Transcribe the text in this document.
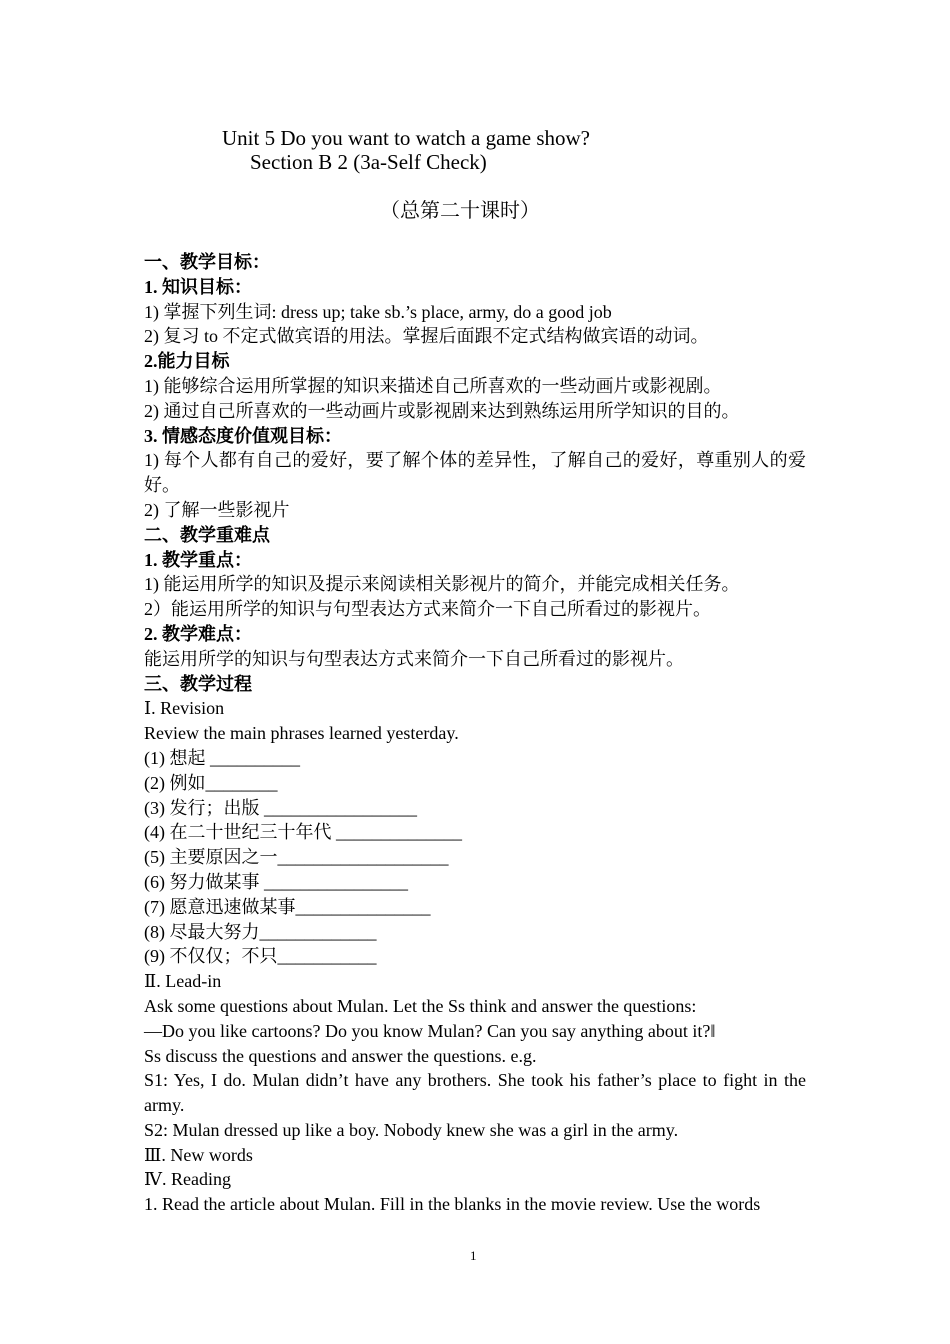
Unit 5 Do you want to watch a game show?
Section B 2 (3a-Self Check)
（总第二十课时）
一、教学目标：
1. 知识目标：
1) 掌握下列生词: dress up; take sb.’s place, army, do a good job
2) 复习 to 不定式做宾语的用法。掌握后面跟不定式结构做宾语的动词。
2.能力目标
1) 能够综合运用所掌握的知识来描述自己所喜欢的一些动画片或影视剧。
2) 通过自己所喜欢的一些动画片或影视剧来达到熟练运用所学知识的目的。
3. 情感态度价值观目标：
1) 每个人都有自己的爱好，要了解个体的差异性，了解自己的爱好，尊重别人的爱好。
2) 了解一些影视片
二、教学重难点
1. 教学重点：
1) 能运用所学的知识及提示来阅读相关影视片的简介，并能完成相关任务。
2）能运用所学的知识与句型表达方式来简介一下自己所看过的影视片。
2. 教学难点：
能运用所学的知识与句型表达方式来简介一下自己所看过的影视片。
三、教学过程
Ⅰ. Revision
Review the main phrases learned yesterday.
(1) 想起 __________
(2) 例如________
(3) 发行；出版 _________________
(4) 在二十世纪三十年代 ______________
(5) 主要原因之一___________________
(6) 努力做某事 ________________
(7) 愿意迅速做某事_______________
(8) 尽最大努力_____________
(9) 不仅仅；不只___________
Ⅱ. Lead-in
Ask some questions about Mulan. Let the Ss think and answer the questions:
—Do you like cartoons? Do you know Mulan? Can you say anything about it?‖
Ss discuss the questions and answer the questions. e.g.
S1: Yes, I do. Mulan didn’t have any brothers. She took his father’s place to fight in the army.
S2: Mulan dressed up like a boy. Nobody knew she was a girl in the army.
Ⅲ. New words
Ⅳ. Reading
1. Read the article about Mulan. Fill in the blanks in the movie review. Use the words
1
